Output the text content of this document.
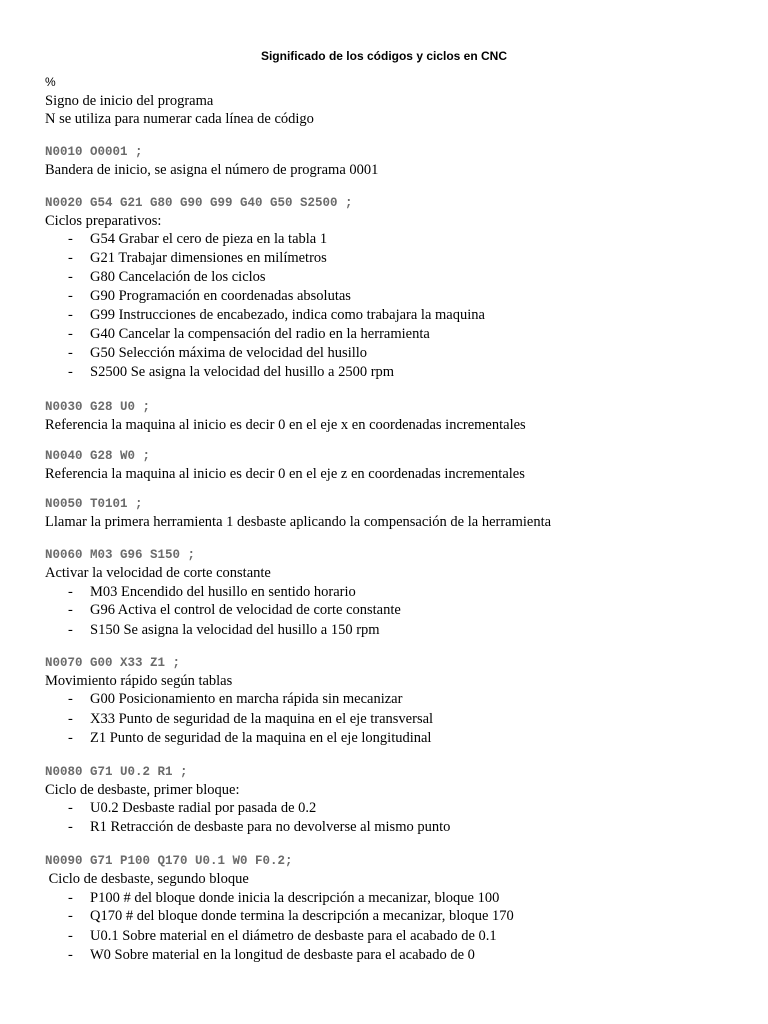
Significado de los códigos y ciclos en CNC
%
Signo de inicio del programa
N se utiliza para numerar cada línea de código
N0010 O0001 ;
Bandera de inicio, se asigna el número de programa 0001
N0020 G54 G21 G80 G90 G99 G40 G50 S2500 ;
Ciclos preparativos:
- G54 Grabar el cero de pieza en la tabla 1
- G21 Trabajar dimensiones en milímetros
- G80 Cancelación de los ciclos
- G90 Programación en coordenadas absolutas
- G99 Instrucciones de encabezado, indica como trabajara la maquina
- G40 Cancelar la compensación del radio en la herramienta
- G50 Selección máxima de velocidad del husillo
- S2500 Se asigna la velocidad del husillo a 2500 rpm
N0030 G28 U0 ;
Referencia la maquina al inicio es decir 0 en el eje x en coordenadas incrementales
N0040 G28 W0 ;
Referencia la maquina al inicio es decir 0 en el eje z en coordenadas incrementales
N0050 T0101 ;
Llamar la primera herramienta 1 desbaste aplicando la compensación de la herramienta
N0060 M03 G96 S150 ;
Activar la velocidad de corte constante
- M03 Encendido del husillo en sentido horario
- G96 Activa el control de velocidad de corte constante
- S150 Se asigna la velocidad del husillo a 150 rpm
N0070 G00 X33 Z1 ;
Movimiento rápido según tablas
- G00 Posicionamiento en marcha rápida sin mecanizar
- X33 Punto de seguridad de la maquina en el eje transversal
- Z1 Punto de seguridad de la maquina en el eje longitudinal
N0080 G71 U0.2 R1 ;
Ciclo de desbaste, primer bloque:
- U0.2 Desbaste radial por pasada de 0.2
- R1 Retracción de desbaste para no devolverse al mismo punto
N0090 G71 P100 Q170 U0.1 W0 F0.2;
Ciclo de desbaste, segundo bloque
- P100 # del bloque donde inicia la descripción a mecanizar, bloque 100
- Q170 # del bloque donde termina la descripción a mecanizar, bloque 170
- U0.1 Sobre material en el diámetro de desbaste para el acabado de 0.1
- W0 Sobre material en la longitud de desbaste para el acabado de 0
